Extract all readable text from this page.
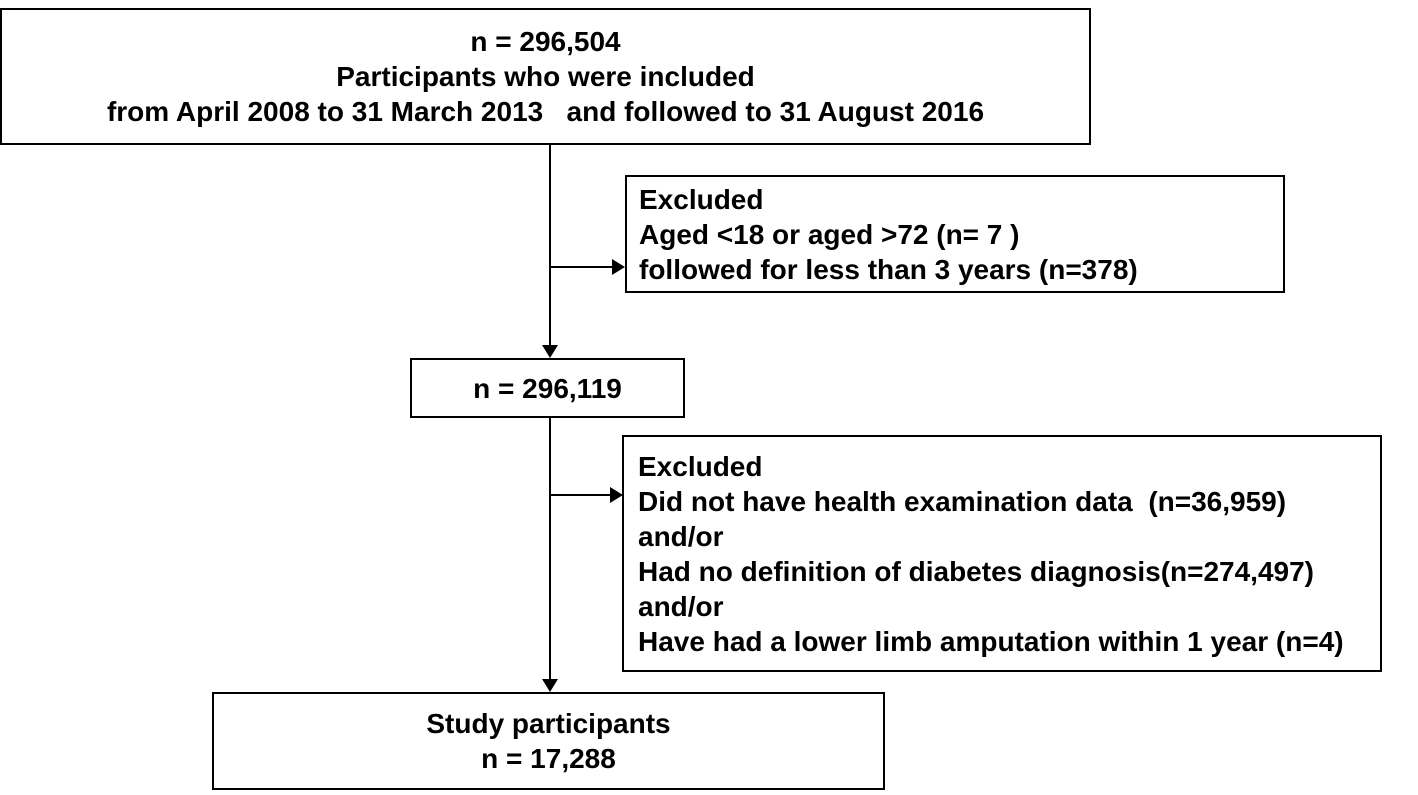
n = 296,504
Participants who were included
from April 2008 to 31 March 2013   and followed to 31 August 2016
Excluded
Aged <18 or aged >72 (n= 7 )
followed for less than 3 years (n=378)
n = 296,119
Excluded
Did not have health examination data  (n=36,959)
and/or
Had no definition of diabetes diagnosis(n=274,497)
and/or
Have had a lower limb amputation within 1 year (n=4)
Study participants
n = 17,288
